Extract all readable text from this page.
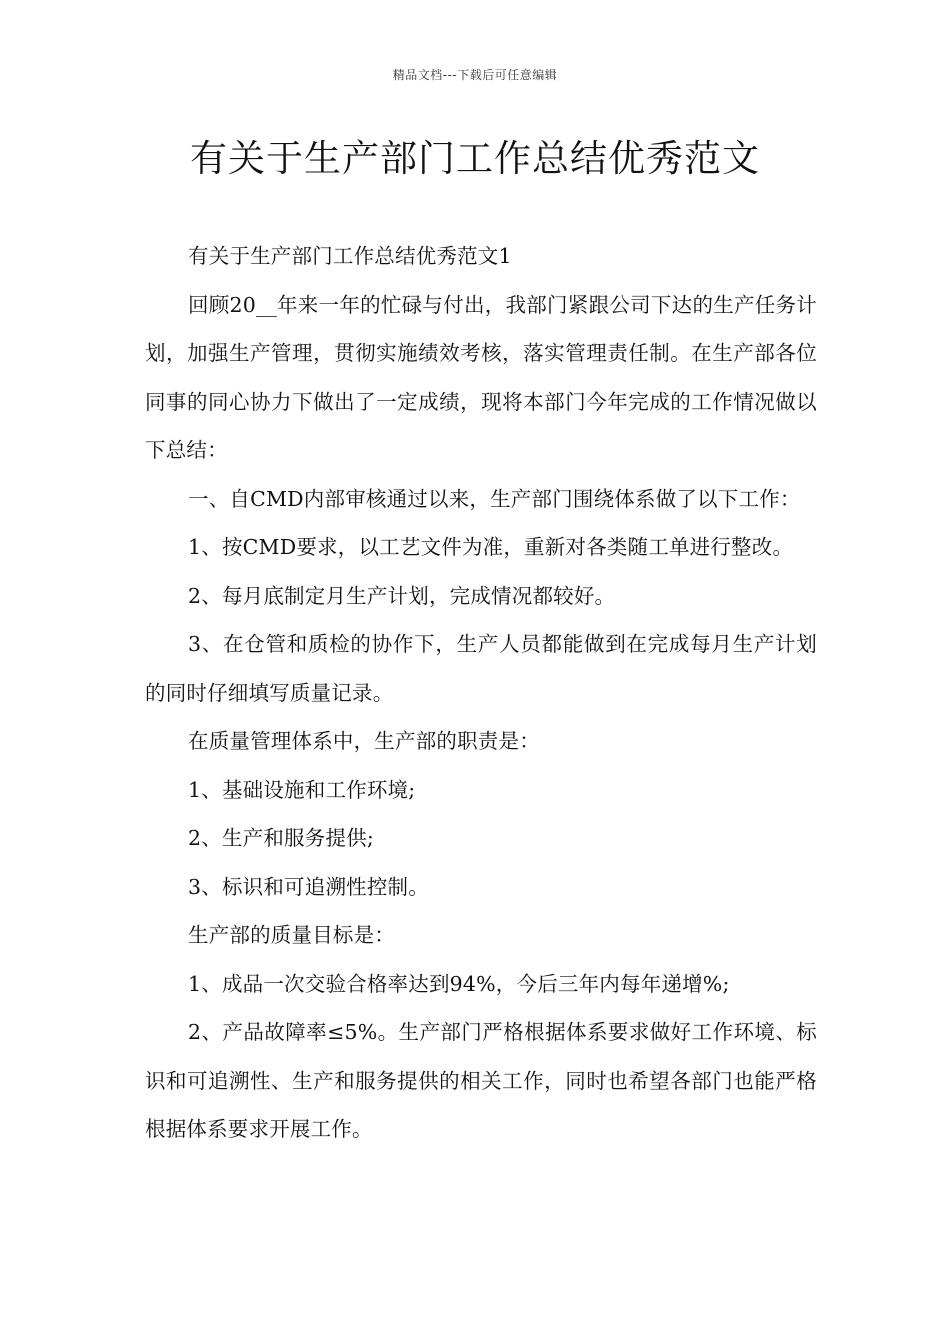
精品文档---下载后可任意编辑
有关于生产部门工作总结优秀范文

有关于生产部门工作总结优秀范文1

回顾20__年来一年的忙碌与付出，我部门紧跟公司下达的生产任务计划，加强生产管理，贯彻实施绩效考核，落实管理责任制。在生产部各位同事的同心协力下做出了一定成绩，现将本部门今年完成的工作情况做以下总结：

一、自CMD内部审核通过以来，生产部门围绕体系做了以下工作：

1、按CMD要求，以工艺文件为准，重新对各类随工单进行整改。

2、每月底制定月生产计划，完成情况都较好。

3、在仓管和质检的协作下，生产人员都能做到在完成每月生产计划的同时仔细填写质量记录。

在质量管理体系中，生产部的职责是：

1、基础设施和工作环境;

2、生产和服务提供;

3、标识和可追溯性控制。

生产部的质量目标是：

1、成品一次交验合格率达到94%，今后三年内每年递增%;

2、产品故障率≤5%。生产部门严格根据体系要求做好工作环境、标识和可追溯性、生产和服务提供的相关工作，同时也希望各部门也能严格根据体系要求开展工作。
